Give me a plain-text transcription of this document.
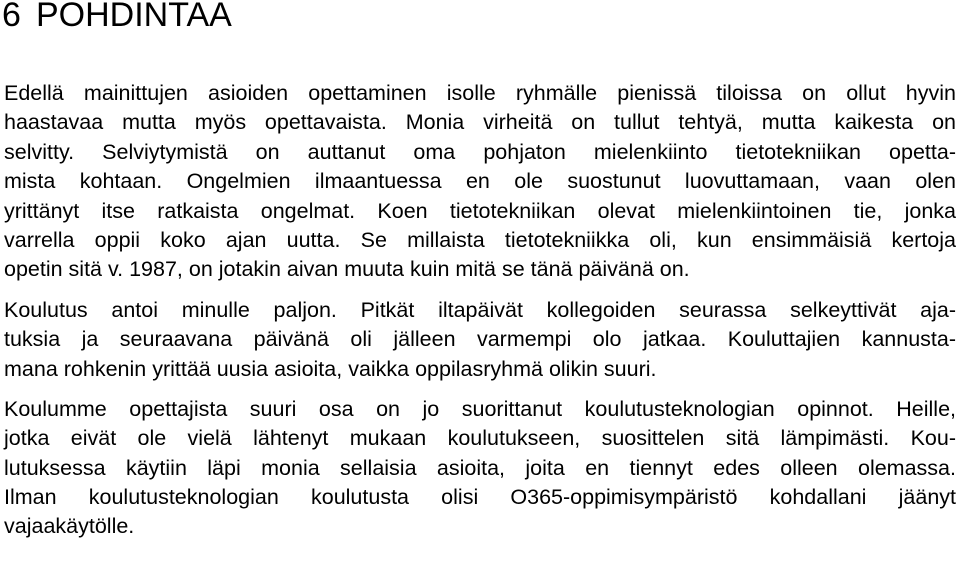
6 POHDINTAA
Edellä mainittujen asioiden opettaminen isolle ryhmälle pienissä tiloissa on ollut hyvin
haastavaa mutta myös opettavaista. Monia virheitä on tullut tehtyä, mutta kaikesta on
selvitty. Selviytymistä on auttanut oma pohjaton mielenkiinto tietotekniikan opetta-
mista kohtaan. Ongelmien ilmaantuessa en ole suostunut luovuttamaan, vaan olen
yrittänyt itse ratkaista ongelmat. Koen tietotekniikan olevat mielenkiintoinen tie, jonka
varrella oppii koko ajan uutta. Se millaista tietotekniikka oli, kun ensimmäisiä kertoja
opetin sitä v. 1987, on jotakin aivan muuta kuin mitä se tänä päivänä on.
Koulutus antoi minulle paljon. Pitkät iltapäivät kollegoiden seurassa selkeyttivät aja-
tuksia ja seuraavana päivänä oli jälleen varmempi olo jatkaa. Kouluttajien kannusta-
mana rohkenin yrittää uusia asioita, vaikka oppilasryhmä olikin suuri.
Koulumme opettajista suuri osa on jo suorittanut koulutusteknologian opinnot. Heille,
jotka eivät ole vielä lähtenyt mukaan koulutukseen, suosittelen sitä lämpimästi. Kou-
lutuksessa käytiin läpi monia sellaisia asioita, joita en tiennyt edes olleen olemassa.
Ilman koulutusteknologian koulutusta olisi O365-oppimisympäristö kohdallani jäänyt
vajaakäytölle.
